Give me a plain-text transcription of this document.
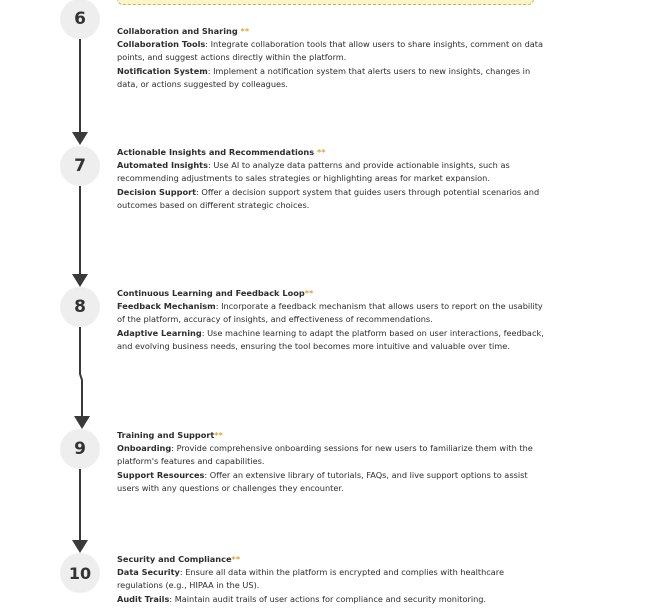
6
Collaboration and Sharing **

Collaboration Tools: Integrate collaboration tools that allow users to share insights, comment on data points, and suggest actions directly within the platform.

Notification System: Implement a notification system that alerts users to new insights, changes in data, or actions suggested by colleagues.

7
Actionable Insights and Recommendations **

Automated Insights: Use AI to analyze data patterns and provide actionable insights, such as recommending adjustments to sales strategies or highlighting areas for market expansion.

Decision Support: Offer a decision support system that guides users through potential scenarios and outcomes based on different strategic choices.

8
Continuous Learning and Feedback Loop**

Feedback Mechanism: Incorporate a feedback mechanism that allows users to report on the usability of the platform, accuracy of insights, and effectiveness of recommendations.

Adaptive Learning: Use machine learning to adapt the platform based on user interactions, feedback, and evolving business needs, ensuring the tool becomes more intuitive and valuable over time.

9
Training and Support**

Onboarding: Provide comprehensive onboarding sessions for new users to familiarize them with the platform's features and capabilities.

Support Resources: Offer an extensive library of tutorials, FAQs, and live support options to assist users with any questions or challenges they encounter.

10
Security and Compliance**

Data Security: Ensure all data within the platform is encrypted and complies with healthcare regulations (e.g., HIPAA in the US).

Audit Trails: Maintain audit trails of user actions for compliance and security monitoring.
